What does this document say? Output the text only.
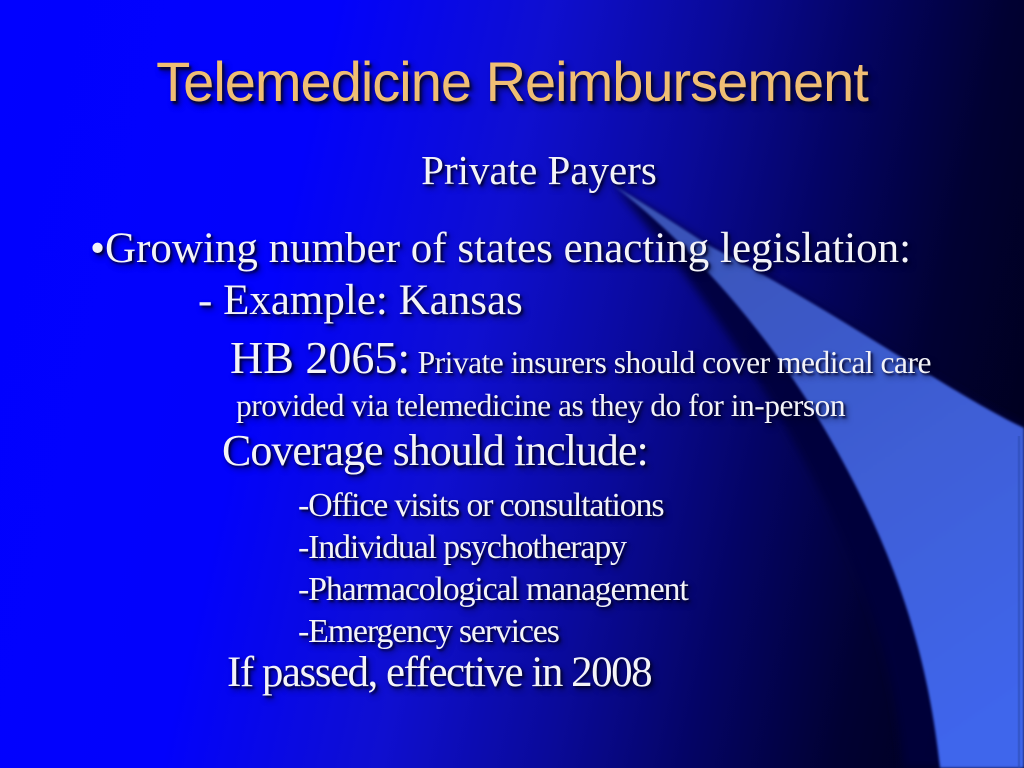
Telemedicine Reimbursement
Private Payers
•Growing number of states enacting legislation:
- Example: Kansas
HB 2065: Private insurers should cover medical care
provided via telemedicine as they do for in-person
Coverage should include:
-Office visits or consultations
-Individual psychotherapy
-Pharmacological management
-Emergency services
If passed, effective in 2008
